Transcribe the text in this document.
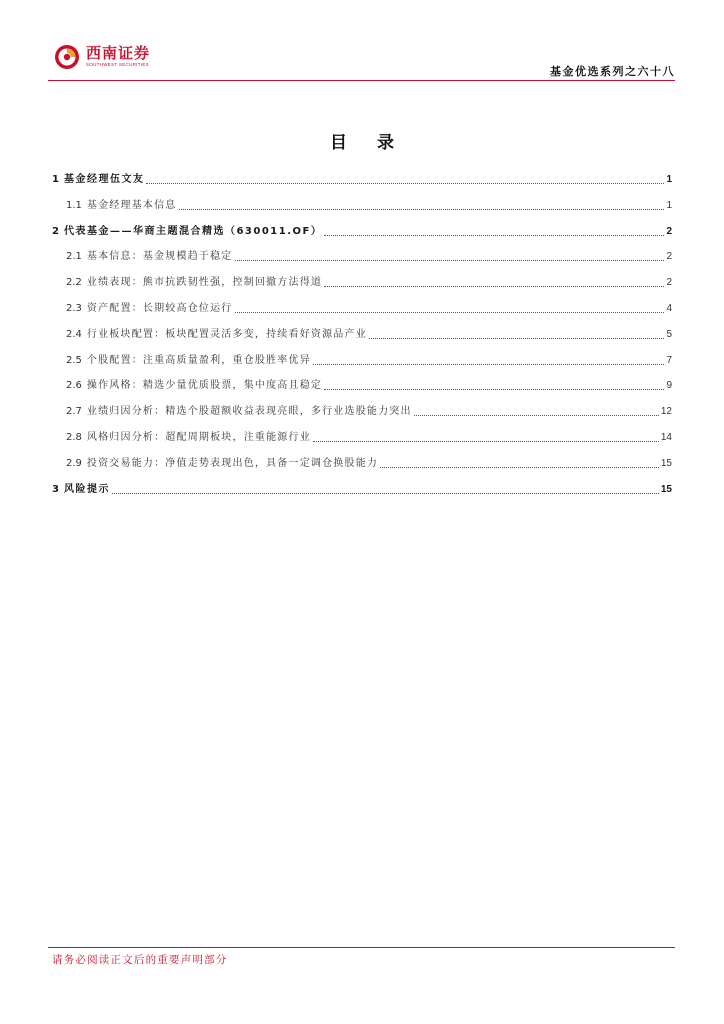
西南证券
SOUTHWEST SECURITIES
基金优选系列之六十八
目 录
1 基金经理伍文友	1
1.1 基金经理基本信息	1
2 代表基金——华商主题混合精选（630011.OF）	2
2.1 基本信息：基金规模趋于稳定	2
2.2 业绩表现：熊市抗跌韧性强，控制回撤方法得道	2
2.3 资产配置：长期较高仓位运行	4
2.4 行业板块配置：板块配置灵活多变，持续看好资源品产业	5
2.5 个股配置：注重高质量盈利，重仓股胜率优异	7
2.6 操作风格：精选少量优质股票，集中度高且稳定	9
2.7 业绩归因分析：精选个股超额收益表现亮眼，多行业选股能力突出	12
2.8 风格归因分析：超配周期板块，注重能源行业	14
2.9 投资交易能力：净值走势表现出色，具备一定调仓换股能力	15
3 风险提示	15
请务必阅读正文后的重要声明部分
